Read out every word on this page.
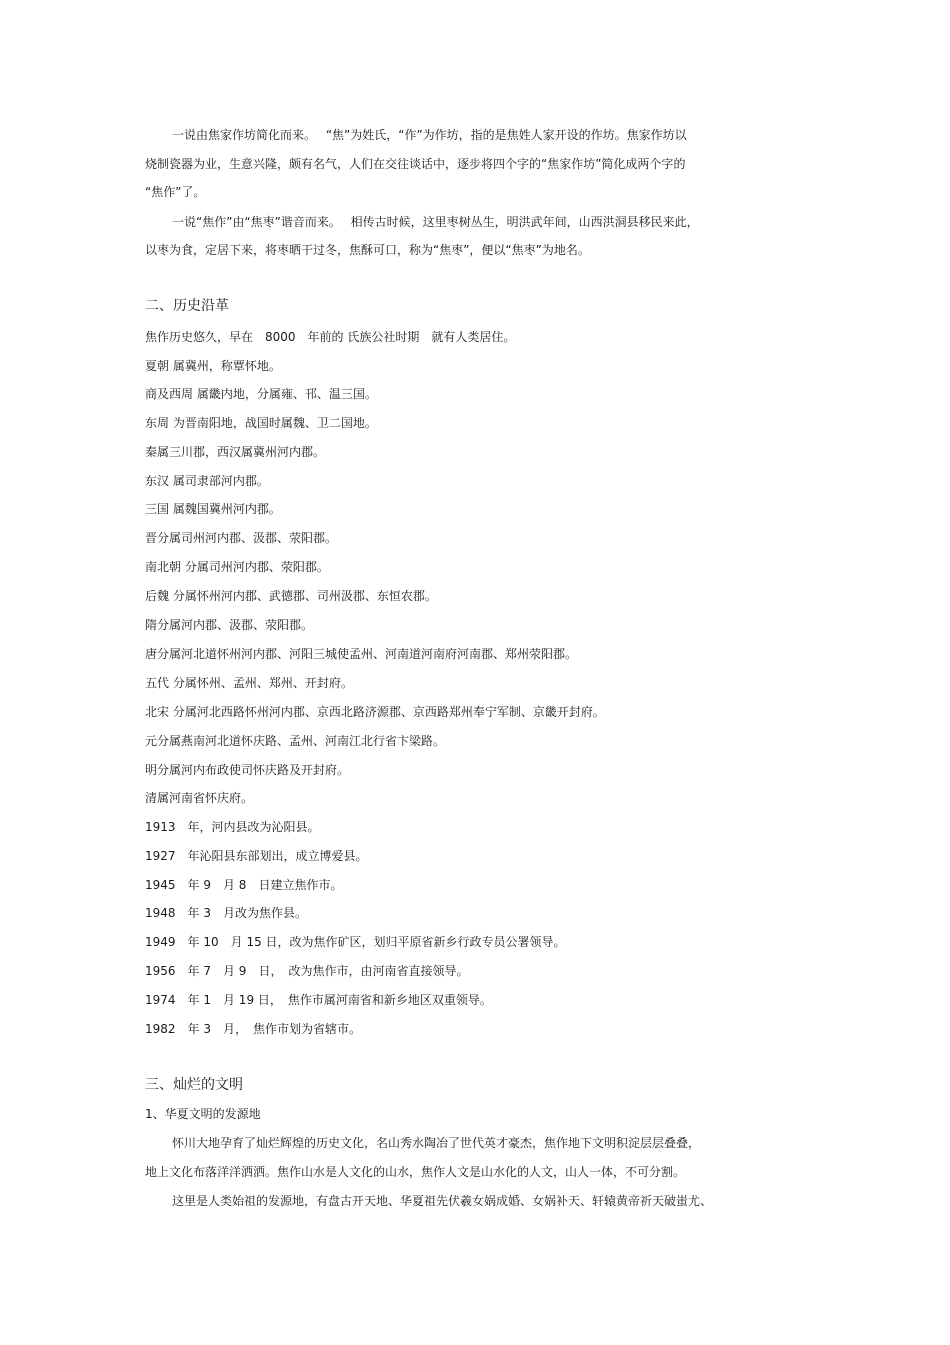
一说由焦家作坊简化而来。　 “焦”为姓氏，“作”为作坊，指的是焦姓人家开设的作坊。焦家作坊以
烧制瓷器为业，生意兴隆，颇有名气，人们在交往谈话中，逐步将四个字的“焦家作坊”简化成两个字的
“焦作”了。
一说“焦作”由“焦枣”谐音而来。　 相传古时候，这里枣树丛生，明洪武年间，山西洪洞县移民来此，
以枣为食，定居下来，将枣晒干过冬，焦酥可口，称为“焦枣”，便以“焦枣”为地名。
二、历史沿革
焦作历史悠久，早在　8000　年前的 氏族公社时期　就有人类居住。
夏朝 属冀州，称覃怀地。
商及西周 属畿内地，分属雍、邗、温三国。
东周 为晋南阳地，战国时属魏、卫二国地。
秦属三川郡，西汉属冀州河内郡。
东汉 属司隶部河内郡。
三国 属魏国冀州河内郡。
晋分属司州河内郡、汲郡、荥阳郡。
南北朝 分属司州河内郡、荥阳郡。
后魏 分属怀州河内郡、武德郡、司州汲郡、东恒农郡。
隋分属河内郡、汲郡、荥阳郡。
唐分属河北道怀州河内郡、河阳三城使孟州、河南道河南府河南郡、郑州荥阳郡。
五代 分属怀州、孟州、郑州、开封府。
北宋 分属河北西路怀州河内郡、京西北路济源郡、京西路郑州奉宁军制、京畿开封府。
元分属燕南河北道怀庆路、孟州、河南江北行省卞梁路。
明分属河内布政使司怀庆路及开封府。
清属河南省怀庆府。
1913　年，河内县改为沁阳县。
1927　年沁阳县东部划出，成立博爱县。
1945　年 9　月 8　日建立焦作市。
1948　年 3　月改为焦作县。
1949　年 10　月 15 日，改为焦作矿区，划归平原省新乡行政专员公署领导。
1956　年 7　月 9　日，　改为焦作市，由河南省直接领导。
1974　年 1　月 19 日，　焦作市属河南省和新乡地区双重领导。
1982　年 3　月，　焦作市划为省辖市。
三、灿烂的文明
1、华夏文明的发源地
怀川大地孕育了灿烂辉煌的历史文化，名山秀水陶冶了世代英才豪杰，焦作地下文明积淀层层叠叠，
地上文化布落洋洋洒洒。焦作山水是人文化的山水，焦作人文是山水化的人文，山人一体，不可分割。
这里是人类始祖的发源地，有盘古开天地、华夏祖先伏羲女娲成婚、女娲补天、轩辕黄帝祈天破蚩尤、
